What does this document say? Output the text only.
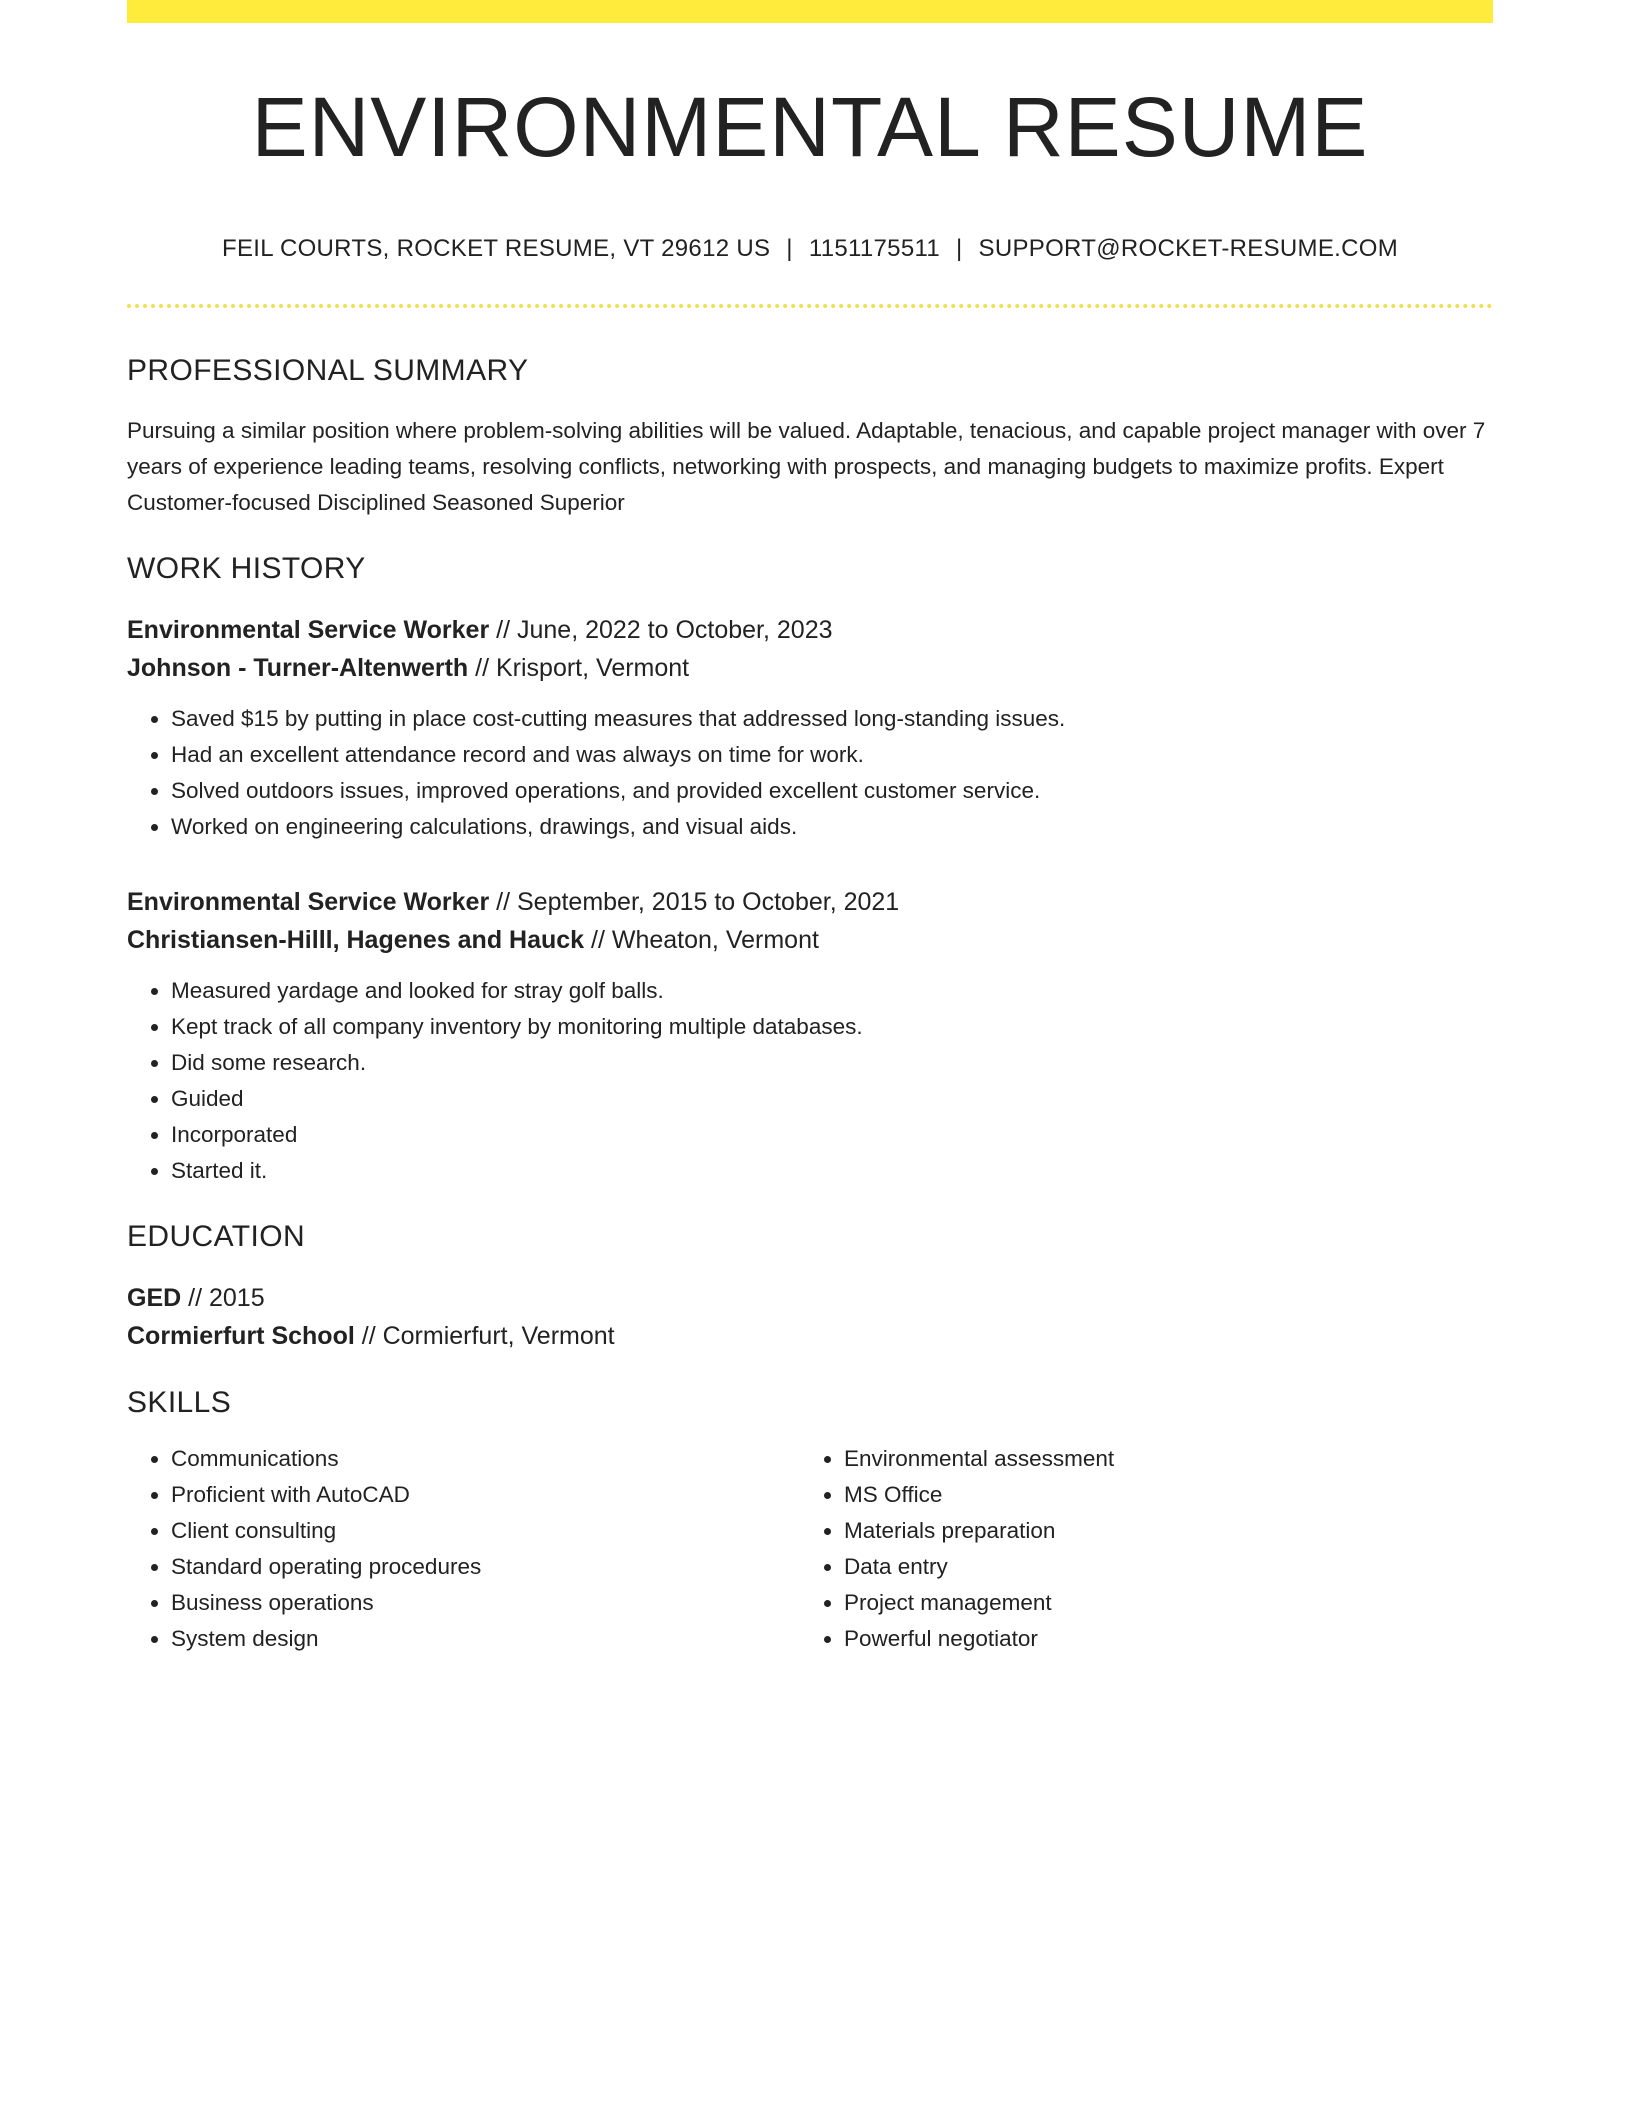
ENVIRONMENTAL RESUME
FEIL COURTS, ROCKET RESUME, VT 29612 US | 1151175511 | SUPPORT@ROCKET-RESUME.COM
PROFESSIONAL SUMMARY
Pursuing a similar position where problem-solving abilities will be valued. Adaptable, tenacious, and capable project manager with over 7 years of experience leading teams, resolving conflicts, networking with prospects, and managing budgets to maximize profits. Expert Customer-focused Disciplined Seasoned Superior
WORK HISTORY
Environmental Service Worker // June, 2022 to October, 2023
Johnson - Turner-Altenwerth // Krisport, Vermont
• Saved $15 by putting in place cost-cutting measures that addressed long-standing issues.
• Had an excellent attendance record and was always on time for work.
• Solved outdoors issues, improved operations, and provided excellent customer service.
• Worked on engineering calculations, drawings, and visual aids.
Environmental Service Worker // September, 2015 to October, 2021
Christiansen-Hilll, Hagenes and Hauck // Wheaton, Vermont
• Measured yardage and looked for stray golf balls.
• Kept track of all company inventory by monitoring multiple databases.
• Did some research.
• Guided
• Incorporated
• Started it.
EDUCATION
GED // 2015
Cormierfurt School // Cormierfurt, Vermont
SKILLS
• Communications
• Proficient with AutoCAD
• Client consulting
• Standard operating procedures
• Business operations
• System design
• Environmental assessment
• MS Office
• Materials preparation
• Data entry
• Project management
• Powerful negotiator
